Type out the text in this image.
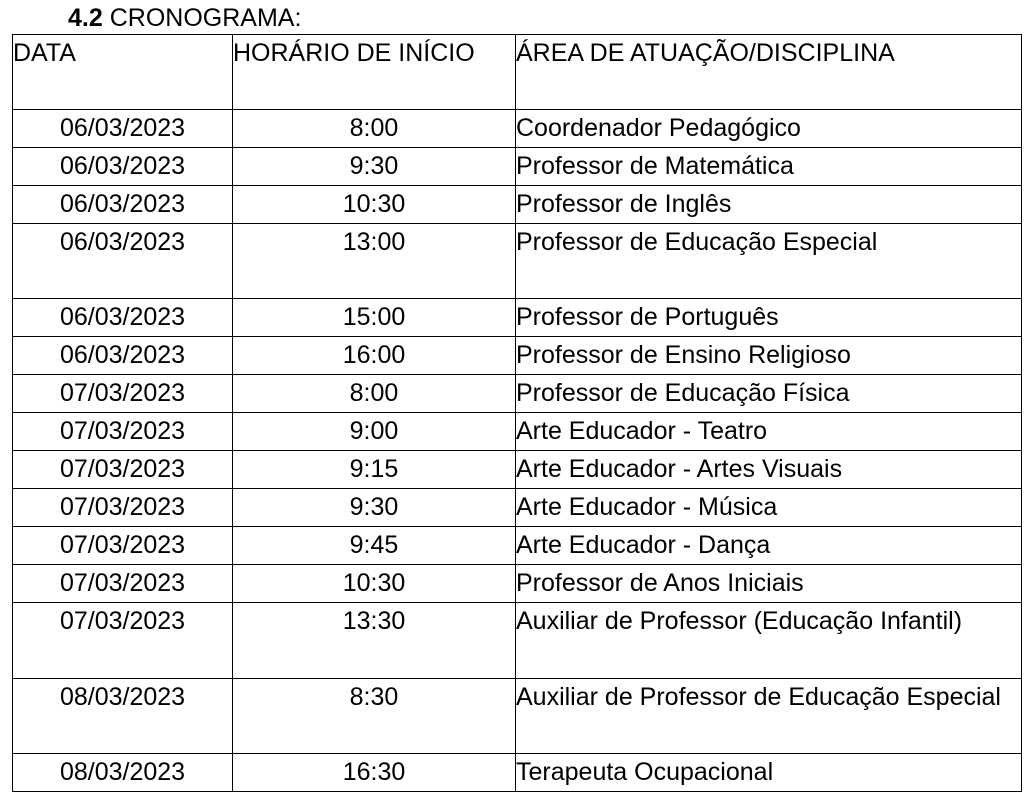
4.2 CRONOGRAMA:
DATA	HORÁRIO DE INÍCIO	ÁREA DE ATUAÇÃO/DISCIPLINA
06/03/2023	8:00	Coordenador Pedagógico
06/03/2023	9:30	Professor de Matemática
06/03/2023	10:30	Professor de Inglês
06/03/2023	13:00	Professor de Educação Especial
06/03/2023	15:00	Professor de Português
06/03/2023	16:00	Professor de Ensino Religioso
07/03/2023	8:00	Professor de Educação Física
07/03/2023	9:00	Arte Educador - Teatro
07/03/2023	9:15	Arte Educador - Artes Visuais
07/03/2023	9:30	Arte Educador - Música
07/03/2023	9:45	Arte Educador - Dança
07/03/2023	10:30	Professor de Anos Iniciais
07/03/2023	13:30	Auxiliar de Professor (Educação Infantil)
08/03/2023	8:30	Auxiliar de Professor de Educação Especial
08/03/2023	16:30	Terapeuta Ocupacional
